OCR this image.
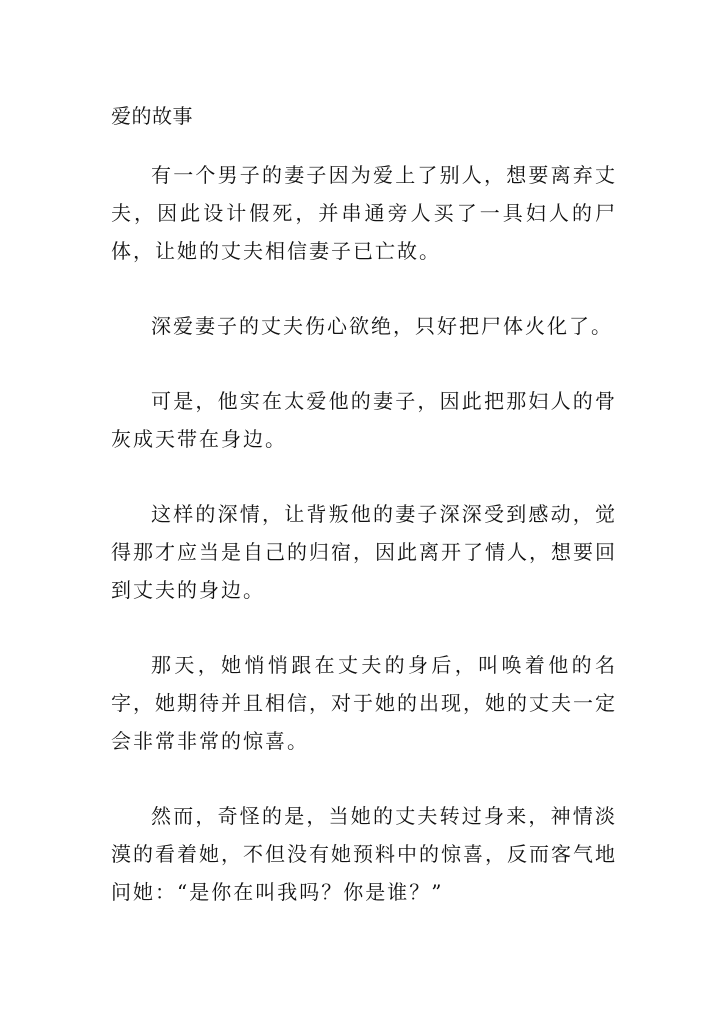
爱的故事

有一个男子的妻子因为爱上了别人，想要离弃丈夫，因此设计假死，并串通旁人买了一具妇人的尸体，让她的丈夫相信妻子已亡故。

深爱妻子的丈夫伤心欲绝，只好把尸体火化了。

可是，他实在太爱他的妻子，因此把那妇人的骨灰成天带在身边。

这样的深情，让背叛他的妻子深深受到感动，觉得那才应当是自己的归宿，因此离开了情人，想要回到丈夫的身边。

那天，她悄悄跟在丈夫的身后，叫唤着他的名字，她期待并且相信，对于她的出现，她的丈夫一定会非常非常的惊喜。

然而，奇怪的是，当她的丈夫转过身来，神情淡漠的看着她，不但没有她预料中的惊喜，反而客气地问她：“是你在叫我吗？你是谁？”
